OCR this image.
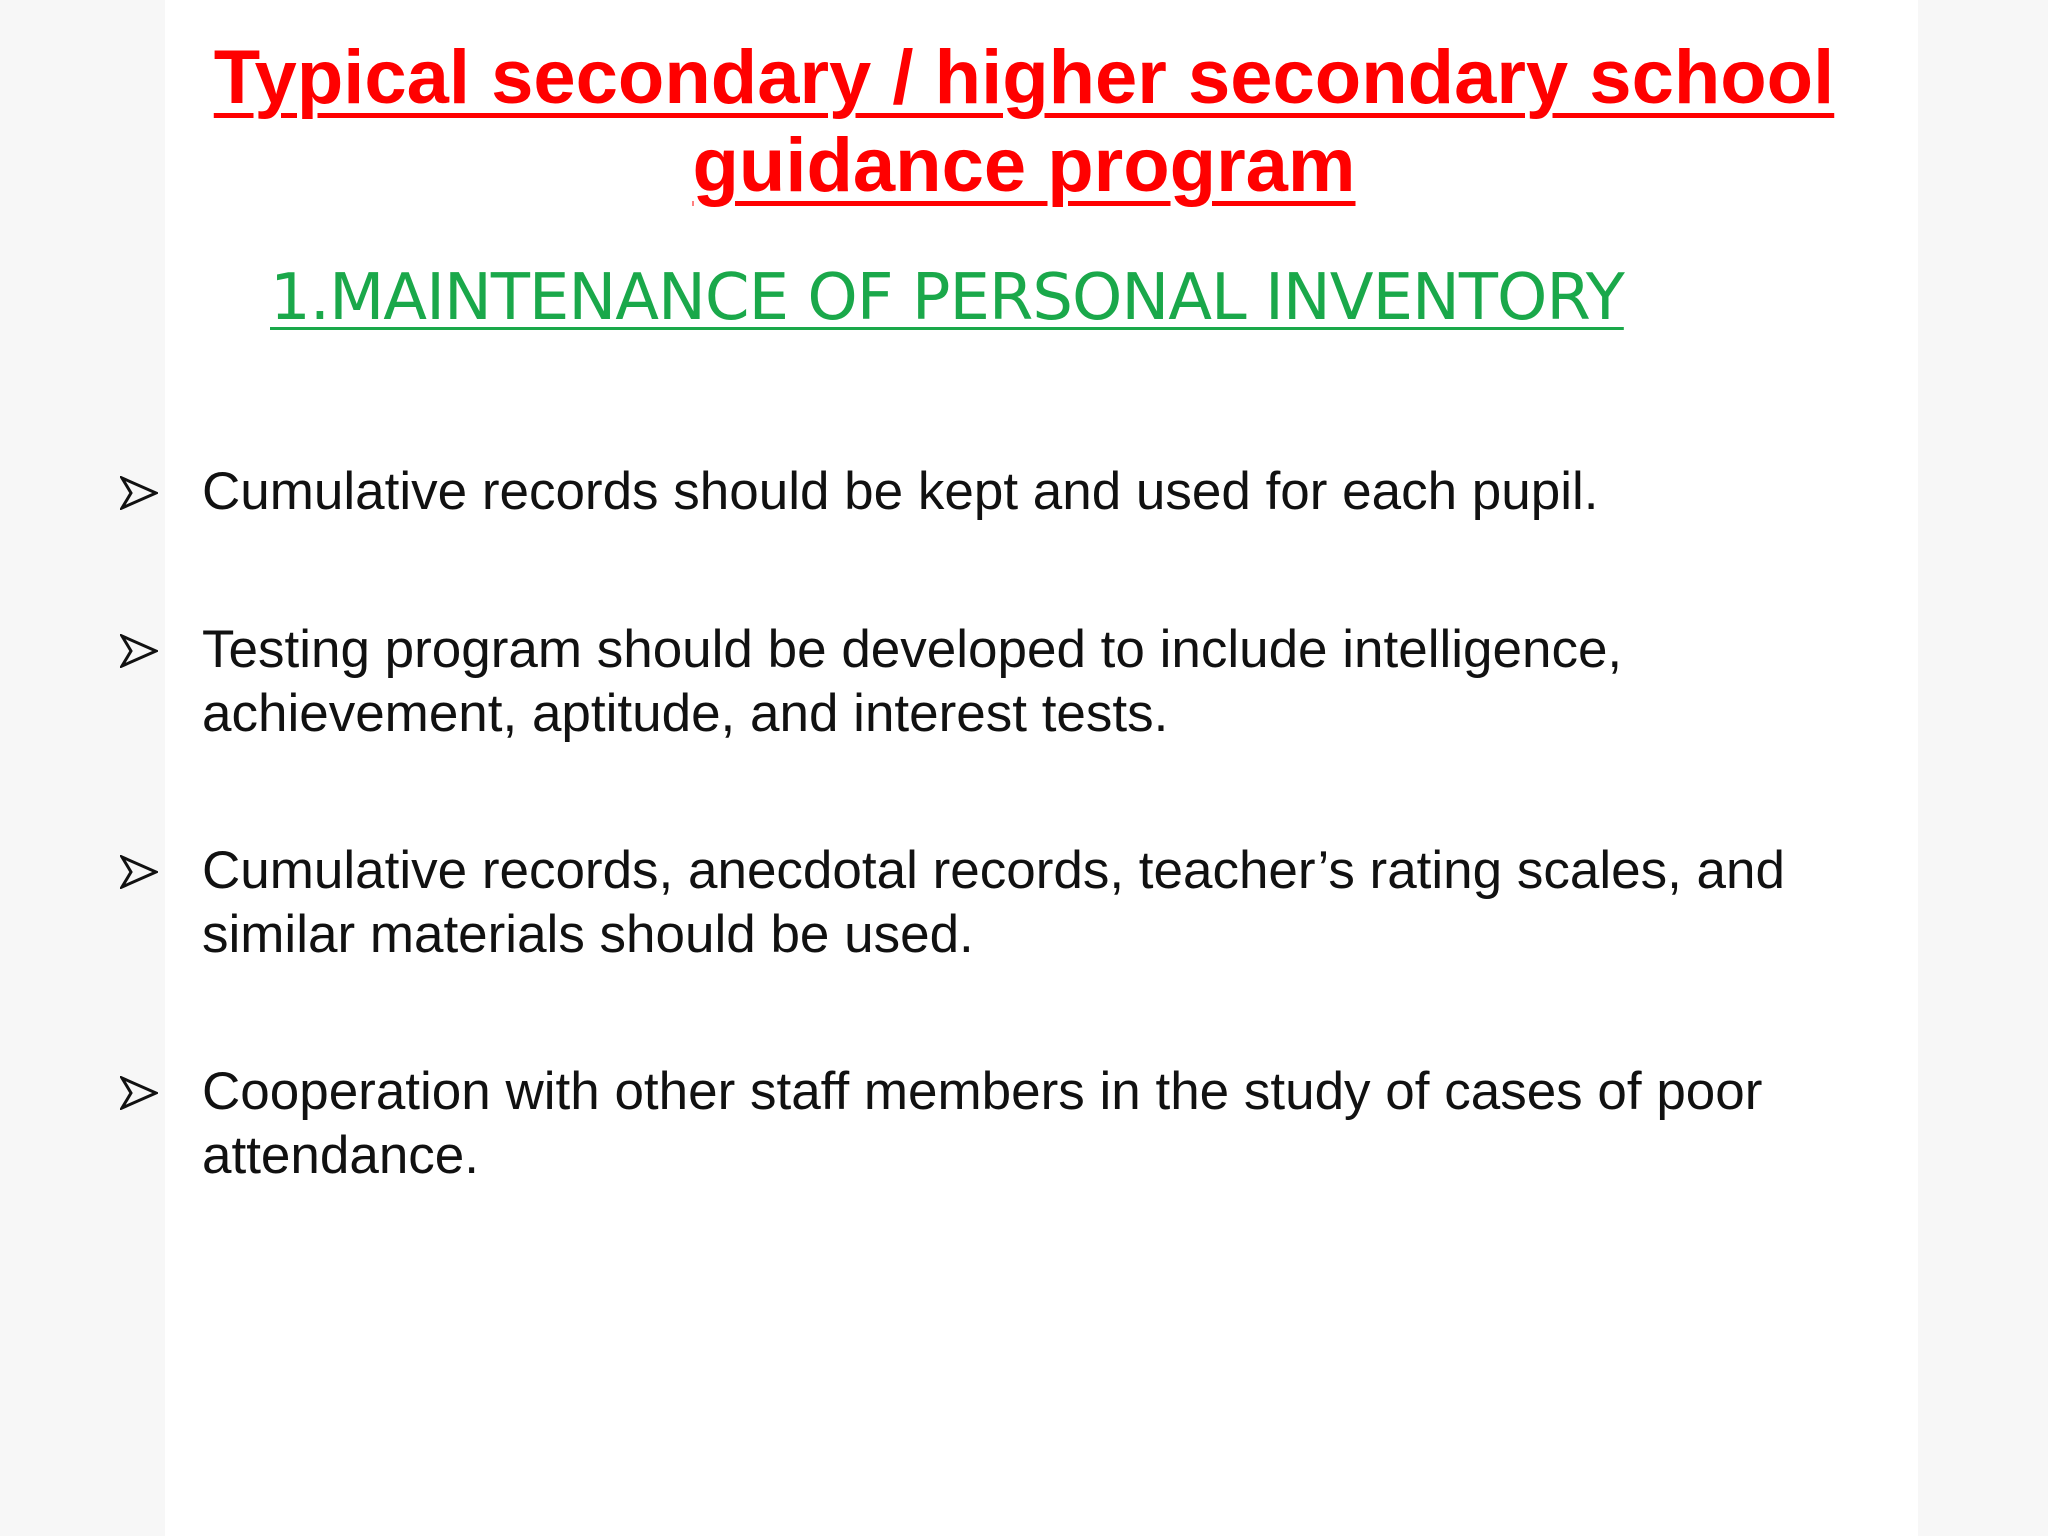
Typical secondary / higher secondary school
guidance program
1.MAINTENANCE OF PERSONAL INVENTORY
Cumulative records should be kept and used for each pupil.
Testing program should be developed to include intelligence, achievement, aptitude, and interest tests.
Cumulative records, anecdotal records, teacher’s rating scales, and similar materials should be used.
Cooperation with other staff members in the study of cases of poor attendance.
